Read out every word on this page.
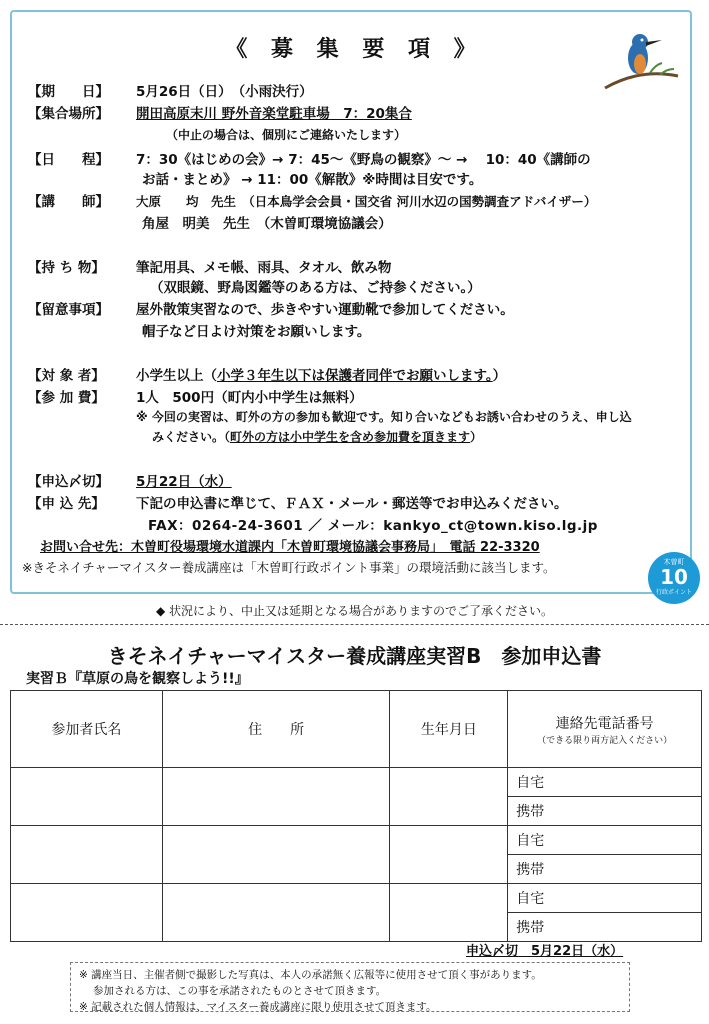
《 募 集 要 項 》
【期　　日】 5月26日（日）　（小雨決行）
【集合場所】 開田高原末川 野外音楽堂駐車場　7：20集合
（中止の場合は、個別にご連絡いたします）
【日　　程】 7：30《はじめの会》→ 7：45～《野鳥の観察》～ → 　10：40《講師の
お話・まとめ》 → 11：00《解散》※時間は目安です。
【講　　師】 大原　　均　先生　（日本鳥学会会員・国交省 河川水辺の国勢調査アドバイザー）
角屋　明美　先生　（木曽町環境協議会）
【持 ち 物】 筆記用具、メモ帳、雨具、タオル、飲み物
（双眼鏡、野鳥図鑑等のある方は、ご持参ください。）
【留意事項】 屋外散策実習なので、歩きやすい運動靴で参加してください。
帽子など日よけ対策をお願いします。
【対 象 者】 小学生以上（小学３年生以下は保護者同伴でお願いします。）
【参 加 費】 1人　500円（町内小中学生は無料）
※ 今回の実習は、町外の方の参加も歓迎です。知り合いなどもお誘い合わせのうえ、申し込
みください。（町外の方は小中学生を含め参加費を頂きます）
【申込〆切】 5月22日（水）
【申 込 先】 下記の申込書に準じて、ＦＡＸ・メール・郵送等でお申込みください。
FAX：0264-24-3601 ／ メール：kankyo_ct@town.kiso.lg.jp
お問い合せ先：木曽町役場環境水道課内「木曽町環境協議会事務局」　電話 22-3320
※きそネイチャーマイスター養成講座は「木曽町行政ポイント事業」の環境活動に該当します。	木曽町
10
行政ポイント
◆ 状況により、中止又は延期となる場合がありますのでご了承ください。
きそネイチャーマイスター養成講座実習B　参加申込書
実習Ｂ『草原の鳥を観察しよう!!』
参加者氏名	住　　所	生年月日	連絡先電話番号
（できる限り両方記入ください）

			自宅
			携帯
			自宅
			携帯
			自宅
			携帯
申込〆切　5月22日（水）
※ 講座当日、主催者側で撮影した写真は、本人の承諾無く広報等に使用させて頂く事があります。
参加される方は、この事を承諾されたものとさせて頂きます。
※ 記載された個人情報は、マイスター養成講座に限り使用させて頂きます。
